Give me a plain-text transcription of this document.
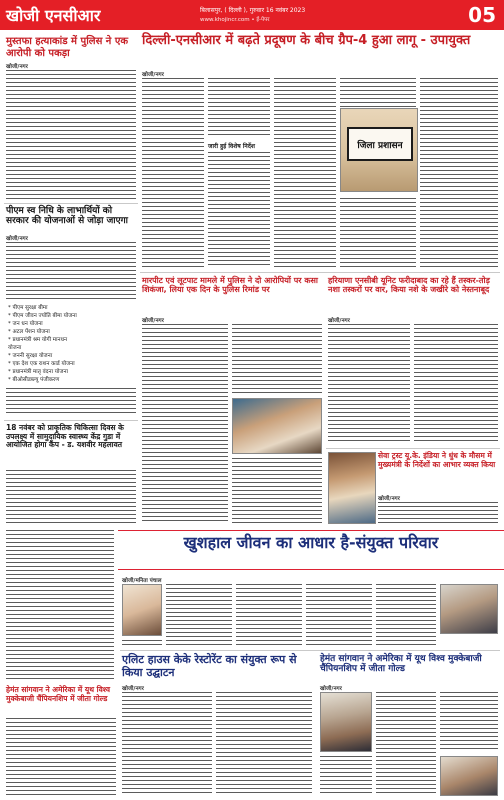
खोजी एनसीआर	बिलासपुर, ( दिल्ली ), गुरुवार 16 नवंबर 2023
www.khojincr.com • ई-पेपर	05
मुस्तफा हत्याकांड में पुलिस ने एक आरोपी को पकड़ा
खोजी/नगर
पीएम स्व निधि के लाभार्थियों को सरकार की योजनाओं से जोड़ा जाएगा
खोजी/नगर
* पीएम सुरक्षा बीमा
* पीएम जीवन ज्योति बीमा योजना
* जन धन योजना
* अटल पेंशन योजना
* प्रधानमंत्री श्रम योगी मानधन
योजना
* जननी सुरक्षा योजना
* एक देश एक राशन कार्ड योजना
* प्रधानमंत्री मातृ वंदना योजना
* बीओसीडब्ल्यू पंजीकरण
18 नवंबर को प्राकृतिक चिकित्सा दिवस के उपलक्ष्य में सामुदायिक स्वास्थ्य केंद्र गुडा में आयोजित होगा कैंप - ड. यशवीर महलावत
खुशहाल जीवन का आधार है-संयुक्त परिवार
हेमंत सांगवान ने अमेरिका में यूथ विश्व मुक्केबाजी चैंपियनशिप में जीता गोल्ड
दिल्ली-एनसीआर में बढ़ते प्रदूषण के बीच ग्रैप-4 हुआ लागू - उपायुक्त
खोजी/नगर
जारी हुई विशेष निर्देश	जिला प्रशासन
मारपीट एवं लूटपाट मामले में पुलिस ने दो आरोपियों पर कसा शिकंजा, लिया एक दिन के पुलिस रिमांड पर
खोजी/नगर
हरियाणा एनसीबी यूनिट फरीदाबाद का रहे हैं तस्कर-तोड़ नशा तस्करों पर वार, किया नशे के जखीरे को नेस्तनाबूद
खोजी/नगर
सेवा ट्रस्ट यू.के. इंडिया ने धुंध के मौसम में मुख्यमंत्री के निर्देशों का आभार व्यक्त किया
खोजी/नगर
खोजी/मनिता पंचाल
एलिट हाउस केके रेस्टोरेंट का संयुक्त रूप से किया उद्घाटन
खोजी/नगर
हेमंत सांगवान ने अमेरिका में यूथ विश्व मुक्केबाजी चैंपियनशिप में जीता गोल्ड
खोजी/नगर
